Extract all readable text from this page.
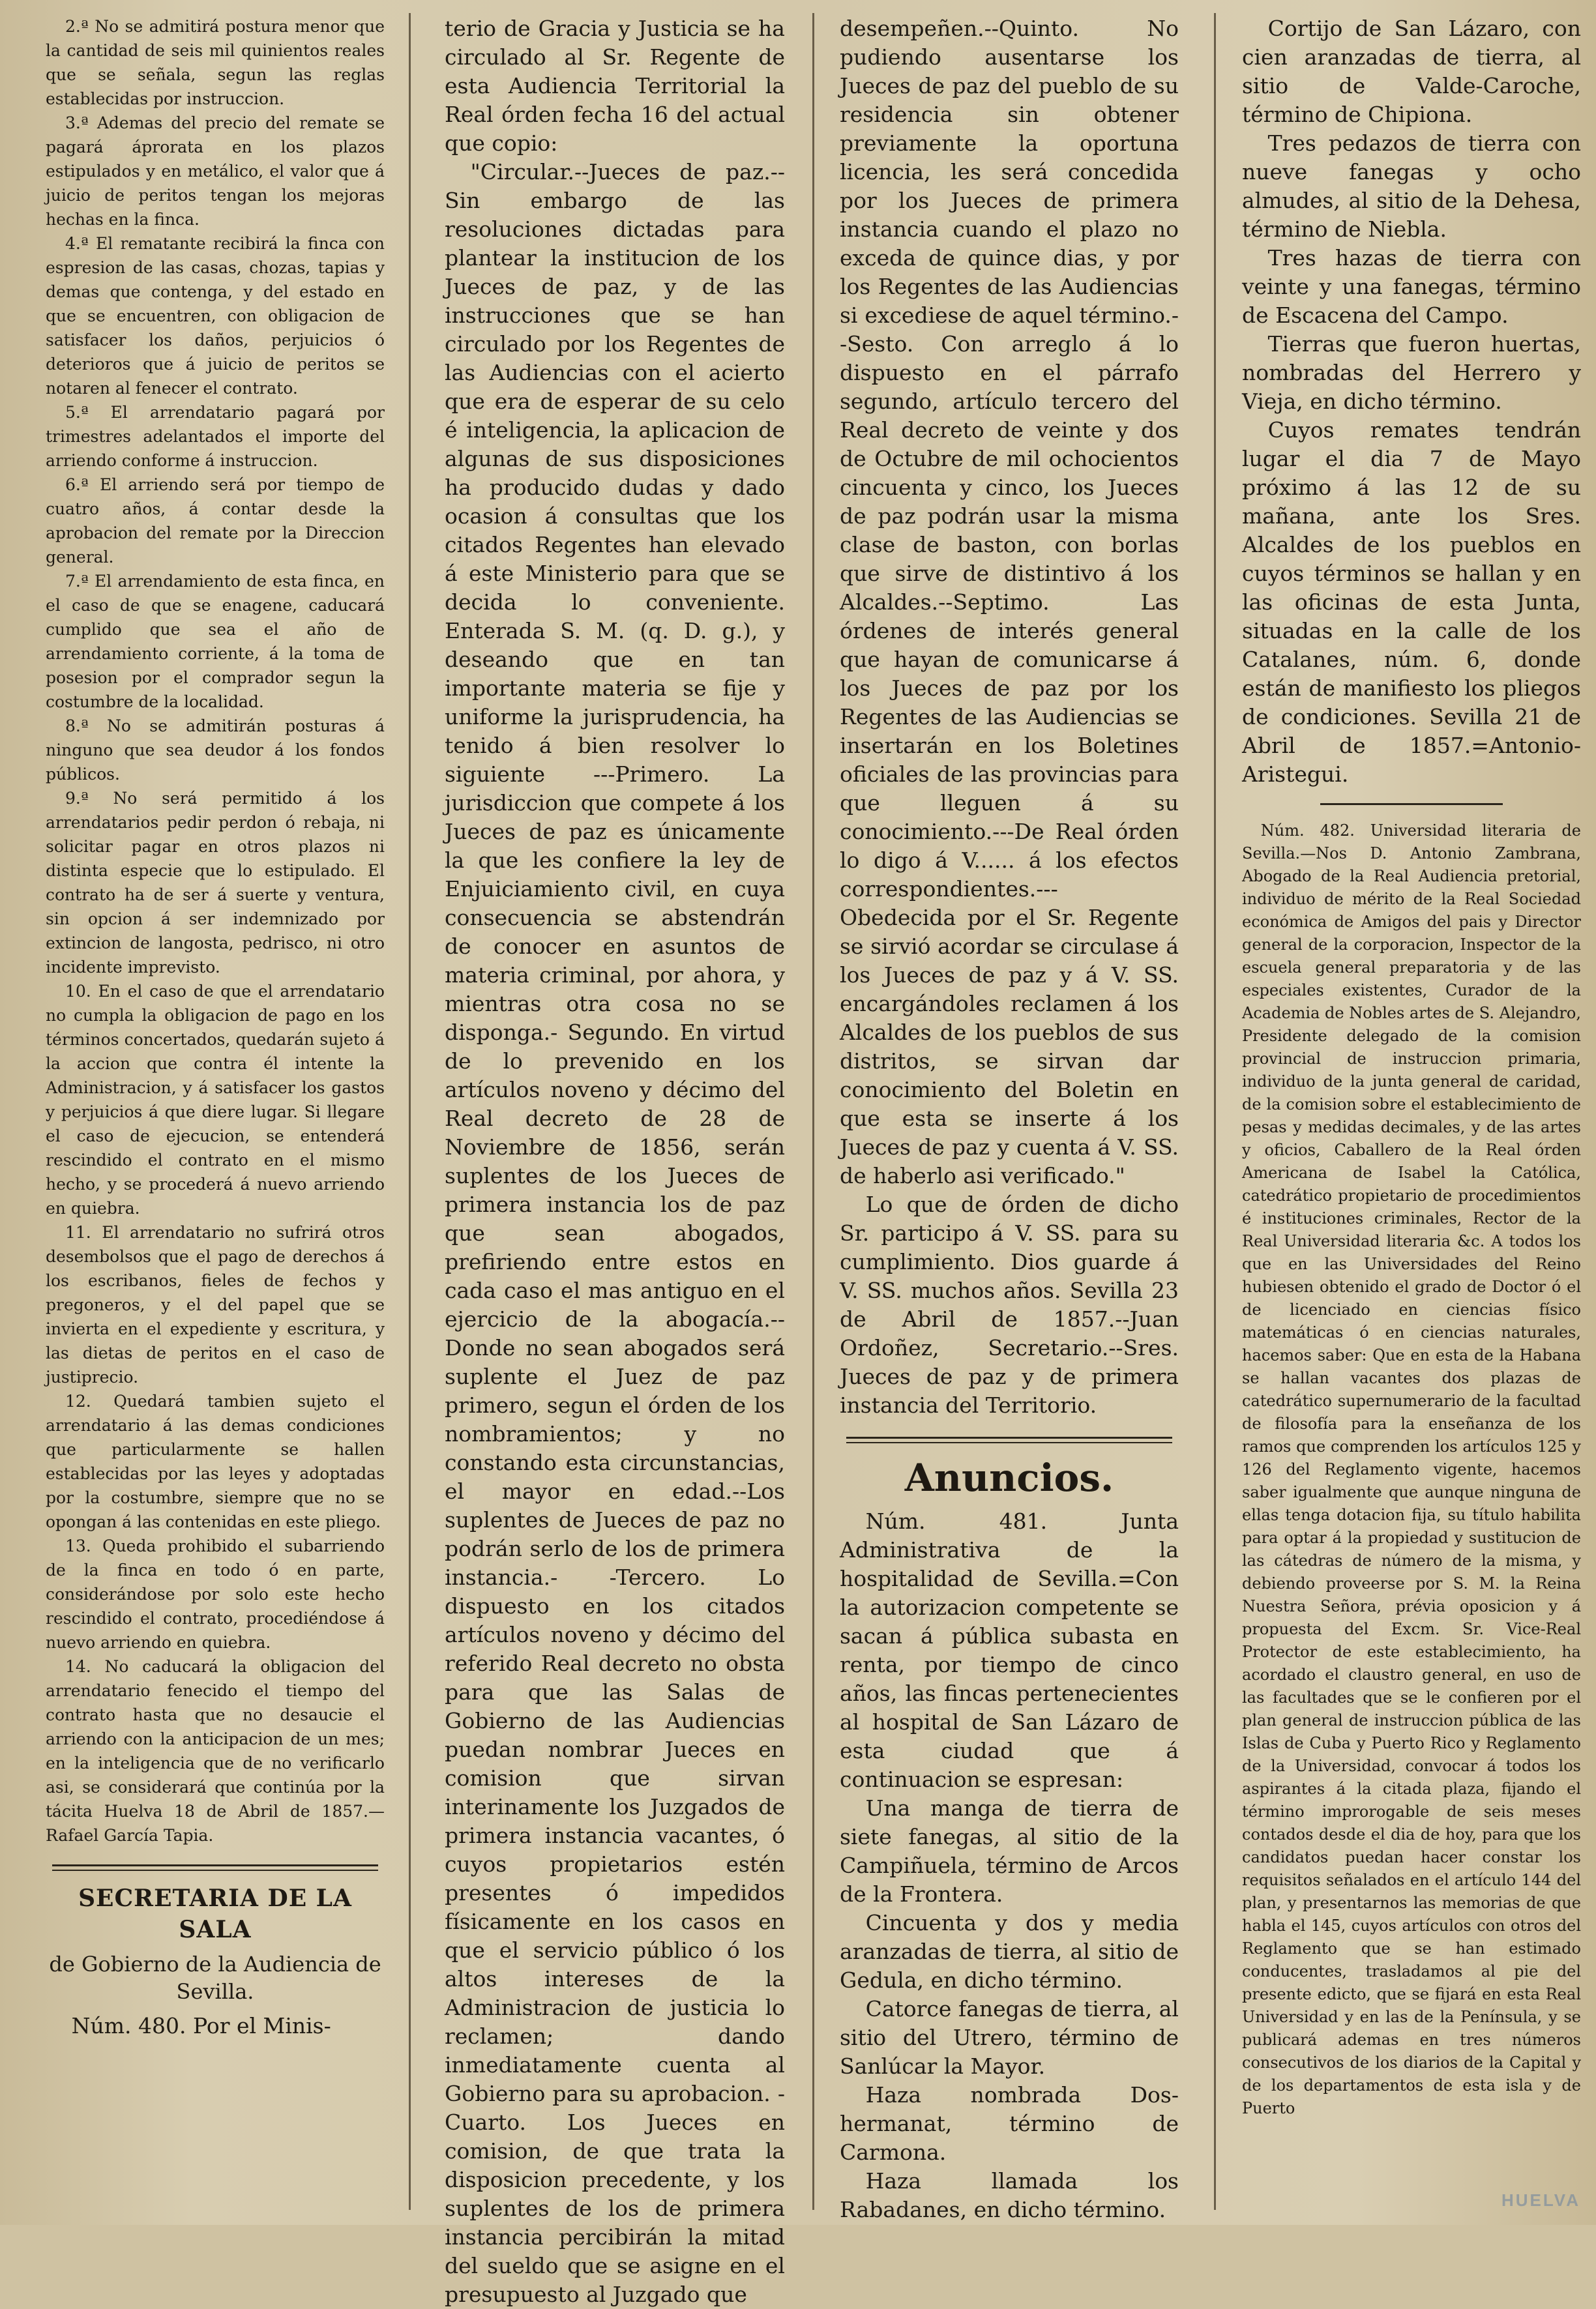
2.ª No se admitirá postura menor que la cantidad de seis mil quinientos reales que se señala, segun las reglas establecidas por instruccion.

3.ª Ademas del precio del remate se pagará áprorata en los plazos estipulados y en metálico, el valor que á juicio de peritos tengan los mejoras hechas en la finca.

4.ª El rematante recibirá la finca con espresion de las casas, chozas, tapias y demas que contenga, y del estado en que se encuentren, con obligacion de satisfacer los daños, perjuicios ó deterioros que á juicio de peritos se notaren al fenecer el contrato.

5.ª El arrendatario pagará por trimestres adelantados el importe del arriendo conforme á instruccion.

6.ª El arriendo será por tiempo de cuatro años, á contar desde la aprobacion del remate por la Direccion general.

7.ª El arrendamiento de esta finca, en el caso de que se enagene, caducará cumplido que sea el año de arrendamiento corriente, á la toma de posesion por el comprador segun la costumbre de la localidad.

8.ª No se admitirán posturas á ninguno que sea deudor á los fondos públicos.

9.ª No será permitido á los arrendatarios pedir perdon ó rebaja, ni solicitar pagar en otros plazos ni distinta especie que lo estipulado. El contrato ha de ser á suerte y ventura, sin opcion á ser indemnizado por extincion de langosta, pedrisco, ni otro incidente imprevisto.

10. En el caso de que el arrendatario no cumpla la obligacion de pago en los términos concertados, quedarán sujeto á la accion que contra él intente la Administracion, y á satisfacer los gastos y perjuicios á que diere lugar. Si llegare el caso de ejecucion, se entenderá rescindido el contrato en el mismo hecho, y se procederá á nuevo arriendo en quiebra.

11. El arrendatario no sufrirá otros desembolsos que el pago de derechos á los escribanos, fieles de fechos y pregoneros, y el del papel que se invierta en el expediente y escritura, y las dietas de peritos en el caso de justiprecio.

12. Quedará tambien sujeto el arrendatario á las demas condiciones que particularmente se hallen establecidas por las leyes y adoptadas por la costumbre, siempre que no se opongan á las contenidas en este pliego.

13. Queda prohibido el subarriendo de la finca en todo ó en parte, considerándose por solo este hecho rescindido el contrato, procediéndose á nuevo arriendo en quiebra.

14. No caducará la obligacion del arrendatario fenecido el tiempo del contrato hasta que no desaucie el arriendo con la anticipacion de un mes; en la inteligencia que de no verificarlo asi, se considerará que continúa por la tácita Huelva 18 de Abril de 1857.—Rafael García Tapia.

SECRETARIA DE LA SALA
de Gobierno de la Audiencia de Sevilla.

Núm. 480. Por el Minis-

terio de Gracia y Justicia se ha circulado al Sr. Regente de esta Audiencia Territorial la Real órden fecha 16 del actual que copio:

"Circular.--Jueces de paz.--Sin embargo de las resoluciones dictadas para plantear la institucion de los Jueces de paz, y de las instrucciones que se han circulado por los Regentes de las Audiencias con el acierto que era de esperar de su celo é inteligencia, la aplicacion de algunas de sus disposiciones ha producido dudas y dado ocasion á consultas que los citados Regentes han elevado á este Ministerio para que se decida lo conveniente. Enterada S. M. (q. D. g.), y deseando que en tan importante materia se fije y uniforme la jurisprudencia, ha tenido á bien resolver lo siguiente ---Primero. La jurisdiccion que compete á los Jueces de paz es únicamente la que les confiere la ley de Enjuiciamiento civil, en cuya consecuencia se abstendrán de conocer en asuntos de materia criminal, por ahora, y mientras otra cosa no se disponga.- Segundo. En virtud de lo prevenido en los artículos noveno y décimo del Real decreto de 28 de Noviembre de 1856, serán suplentes de los Jueces de primera instancia los de paz que sean abogados, prefiriendo entre estos en cada caso el mas antiguo en el ejercicio de la abogacía.--Donde no sean abogados será suplente el Juez de paz primero, segun el órden de los nombramientos; y no constando esta circunstancias, el mayor en edad.--Los suplentes de Jueces de paz no podrán serlo de los de primera instancia.- -Tercero. Lo dispuesto en los citados artículos noveno y décimo del referido Real decreto no obsta para que las Salas de Gobierno de las Audiencias puedan nombrar Jueces en comision que sirvan interinamente los Juzgados de primera instancia vacantes, ó cuyos propietarios estén presentes ó impedidos físicamente en los casos en que el servicio público ó los altos intereses de la Administracion de justicia lo reclamen; dando inmediatamente cuenta al Gobierno para su aprobacion. -Cuarto. Los Jueces en comision, de que trata la disposicion precedente, y los suplentes de los de primera instancia percibirán la mitad del sueldo que se asigne en el presupuesto al Juzgado que

desempeñen.--Quinto. No pudiendo ausentarse los Jueces de paz del pueblo de su residencia sin obtener previamente la oportuna licencia, les será concedida por los Jueces de primera instancia cuando el plazo no exceda de quince dias, y por los Regentes de las Audiencias si excediese de aquel término.--Sesto. Con arreglo á lo dispuesto en el párrafo segundo, artículo tercero del Real decreto de veinte y dos de Octubre de mil ochocientos cincuenta y cinco, los Jueces de paz podrán usar la misma clase de baston, con borlas que sirve de distintivo á los Alcaldes.--Septimo. Las órdenes de interés general que hayan de comunicarse á los Jueces de paz por los Regentes de las Audiencias se insertarán en los Boletines oficiales de las provincias para que lleguen á su conocimiento.---De Real órden lo digo á V...... á los efectos correspondientes.--- Obedecida por el Sr. Regente se sirvió acordar se circulase á los Jueces de paz y á V. SS. encargándoles reclamen á los Alcaldes de los pueblos de sus distritos, se sirvan dar conocimiento del Boletin en que esta se inserte á los Jueces de paz y cuenta á V. SS. de haberlo asi verificado."

Lo que de órden de dicho Sr. participo á V. SS. para su cumplimiento. Dios guarde á V. SS. muchos años. Sevilla 23 de Abril de 1857.--Juan Ordoñez, Secretario.--Sres. Jueces de paz y de primera instancia del Territorio.

Anuncios.

Núm. 481. Junta Administrativa de la hospitalidad de Sevilla.=Con la autorizacion competente se sacan á pública subasta en renta, por tiempo de cinco años, las fincas pertenecientes al hospital de San Lázaro de esta ciudad que á continuacion se espresan:

Una manga de tierra de siete fanegas, al sitio de la Campiñuela, término de Arcos de la Frontera.

Cincuenta y dos y media aranzadas de tierra, al sitio de Gedula, en dicho término.

Catorce fanegas de tierra, al sitio del Utrero, término de Sanlúcar la Mayor.

Haza nombrada Dos-hermanat, término de Carmona.

Haza llamada los Rabadanes, en dicho término.

Cortijo de San Lázaro, con cien aranzadas de tierra, al sitio de Valde-Caroche, término de Chipiona.

Tres pedazos de tierra con nueve fanegas y ocho almudes, al sitio de la Dehesa, término de Niebla.

Tres hazas de tierra con veinte y una fanegas, término de Escacena del Campo.

Tierras que fueron huertas, nombradas del Herrero y Vieja, en dicho término.

Cuyos remates tendrán lugar el dia 7 de Mayo próximo á las 12 de su mañana, ante los Sres. Alcaldes de los pueblos en cuyos términos se hallan y en las oficinas de esta Junta, situadas en la calle de los Catalanes, núm. 6, donde están de manifiesto los pliegos de condiciones. Sevilla 21 de Abril de 1857.=Antonio-Aristegui.

Núm. 482. Universidad literaria de Sevilla.—Nos D. Antonio Zambrana, Abogado de la Real Audiencia pretorial, individuo de mérito de la Real Sociedad económica de Amigos del pais y Director general de la corporacion, Inspector de la escuela general preparatoria y de las especiales existentes, Curador de la Academia de Nobles artes de S. Alejandro, Presidente delegado de la comision provincial de instruccion primaria, individuo de la junta general de caridad, de la comision sobre el establecimiento de pesas y medidas decimales, y de las artes y oficios, Caballero de la Real órden Americana de Isabel la Católica, catedrático propietario de procedimientos é instituciones criminales, Rector de la Real Universidad literaria &c. A todos los que en las Universidades del Reino hubiesen obtenido el grado de Doctor ó el de licenciado en ciencias físico matemáticas ó en ciencias naturales, hacemos saber: Que en esta de la Habana se hallan vacantes dos plazas de catedrático supernumerario de la facultad de filosofía para la enseñanza de los ramos que comprenden los artículos 125 y 126 del Reglamento vigente, hacemos saber igualmente que aunque ninguna de ellas tenga dotacion fija, su título habilita para optar á la propiedad y sustitucion de las cátedras de número de la misma, y debiendo proveerse por S. M. la Reina Nuestra Señora, prévia oposicion y á propuesta del Excm. Sr. Vice-Real Protector de este establecimiento, ha acordado el claustro general, en uso de las facultades que se le confieren por el plan general de instruccion pública de las Islas de Cuba y Puerto Rico y Reglamento de la Universidad, convocar á todos los aspirantes á la citada plaza, fijando el término improrogable de seis meses contados desde el dia de hoy, para que los candidatos puedan hacer constar los requisitos señalados en el artículo 144 del plan, y presentarnos las memorias de que habla el 145, cuyos artículos con otros del Reglamento que se han estimado conducentes, trasladamos al pie del presente edicto, que se fijará en esta Real Universidad y en las de la Península, y se publicará ademas en tres números consecutivos de los diarios de la Capital y de los departamentos de esta isla y de Puerto

HUELVA
